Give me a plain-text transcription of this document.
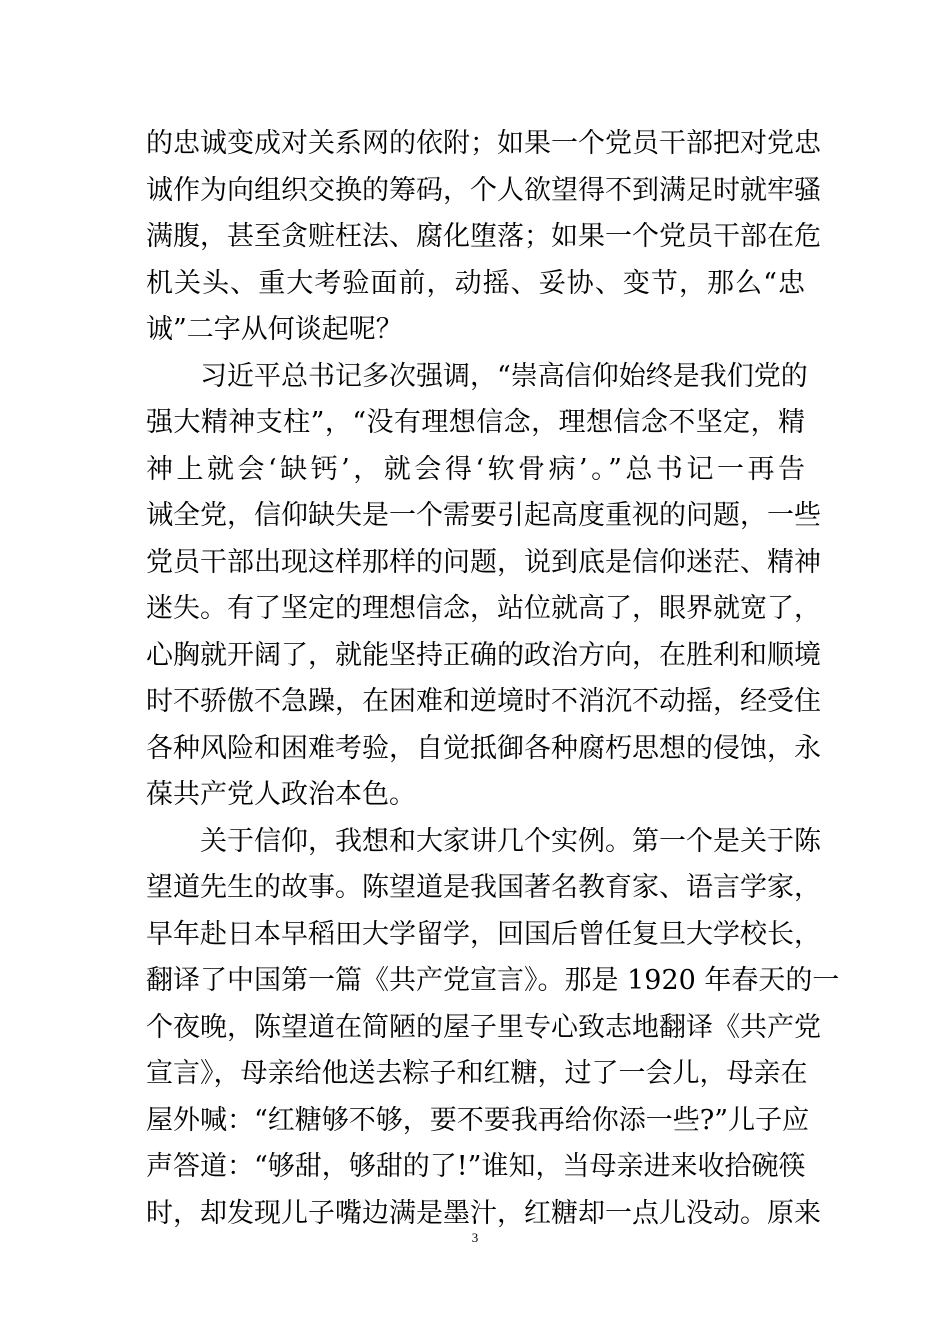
的忠诚变成对关系网的依附；如果一个党员干部把对党忠
诚作为向组织交换的筹码，个人欲望得不到满足时就牢骚
满腹，甚至贪赃枉法、腐化堕落；如果一个党员干部在危
机关头、重大考验面前，动摇、妥协、变节，那么“忠
诚”二字从何谈起呢？
习近平总书记多次强调，“崇高信仰始终是我们党的
强大精神支柱”，“没有理想信念，理想信念不坚定，精
神上就会‘缺钙’，就会得‘软骨病’。”总书记一再告
诫全党，信仰缺失是一个需要引起高度重视的问题，一些
党员干部出现这样那样的问题，说到底是信仰迷茫、精神
迷失。有了坚定的理想信念，站位就高了，眼界就宽了，
心胸就开阔了，就能坚持正确的政治方向，在胜利和顺境
时不骄傲不急躁，在困难和逆境时不消沉不动摇，经受住
各种风险和困难考验，自觉抵御各种腐朽思想的侵蚀，永
葆共产党人政治本色。
关于信仰，我想和大家讲几个实例。第一个是关于陈
望道先生的故事。陈望道是我国著名教育家、语言学家，
早年赴日本早稻田大学留学，回国后曾任复旦大学校长，
翻译了中国第一篇《共产党宣言》。那是 1920 年春天的一
个夜晚，陈望道在简陋的屋子里专心致志地翻译《共产党
宣言》，母亲给他送去粽子和红糖，过了一会儿，母亲在
屋外喊：“红糖够不够，要不要我再给你添一些?”儿子应
声答道：“够甜，够甜的了!”谁知，当母亲进来收拾碗筷
时，却发现儿子嘴边满是墨汁，红糖却一点儿没动。原来
3
